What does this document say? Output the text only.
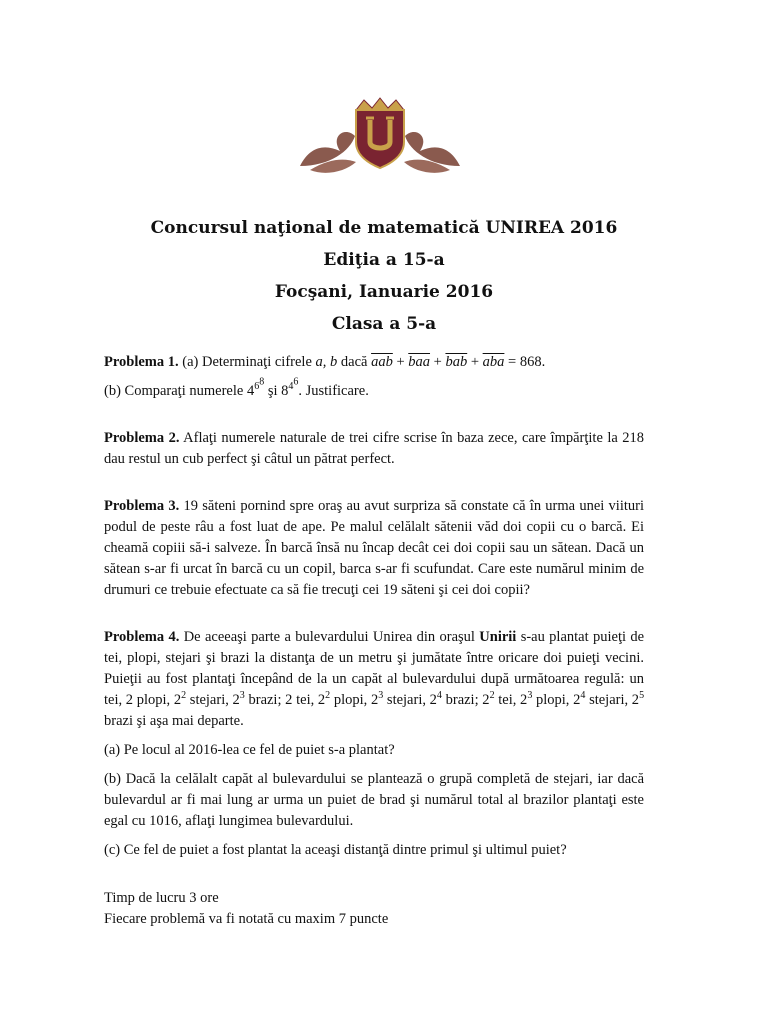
Concursul naţional de matematică UNIREA 2016
Ediţia a 15-a
Focşani, Ianuarie 2016
Clasa a 5-a
Problema 1. (a) Determinaţi cifrele a, b dacă $\overline{aab} + \overline{baa} + \overline{bab} + \overline{aba} = 868$.
(b) Comparaţi numerele $4^{6^8}$ şi $8^{4^6}$. Justificare.
Problema 2. Aflaţi numerele naturale de trei cifre scrise în baza zece, care împărţite la 218 dau restul un cub perfect şi câtul un pătrat perfect.
Problema 3. 19 săteni pornind spre oraş au avut surpriza să constate că în urma unei viituri podul de peste râu a fost luat de ape. Pe malul celălalt sătenii văd doi copii cu o barcă. Ei cheamă copiii să-i salveze. În barcă însă nu încap decât cei doi copii sau un sătean. Dacă un sătean s-ar fi urcat în barcă cu un copil, barca s-ar fi scufundat. Care este numărul minim de drumuri ce trebuie efectuate ca să fie trecuţi cei 19 săteni şi cei doi copii?
Problema 4. De aceeaşi parte a bulevardului Unirea din oraşul Unirii s-au plantat puieţi de tei, plopi, stejari şi brazi la distanţa de un metru şi jumătate între oricare doi puieţi vecini. Puieţii au fost plantaţi începând de la un capăt al bulevardului după următoarea regulă: un tei, 2 plopi, $2^2$ stejari, $2^3$ brazi; 2 tei, $2^2$ plopi, $2^3$ stejari, $2^4$ brazi; $2^2$ tei, $2^3$ plopi, $2^4$ stejari, $2^5$ brazi şi aşa mai departe.
(a) Pe locul al 2016-lea ce fel de puiet s-a plantat?
(b) Dacă la celălalt capăt al bulevardului se plantează o grupă completă de stejari, iar dacă bulevardul ar fi mai lung ar urma un puiet de brad şi numărul total al brazilor plantaţi este egal cu 1016, aflaţi lungimea bulevardului.
(c) Ce fel de puiet a fost plantat la aceaşi distanţă dintre primul şi ultimul puiet?
Timp de lucru 3 ore
Fiecare problemă va fi notată cu maxim 7 puncte
